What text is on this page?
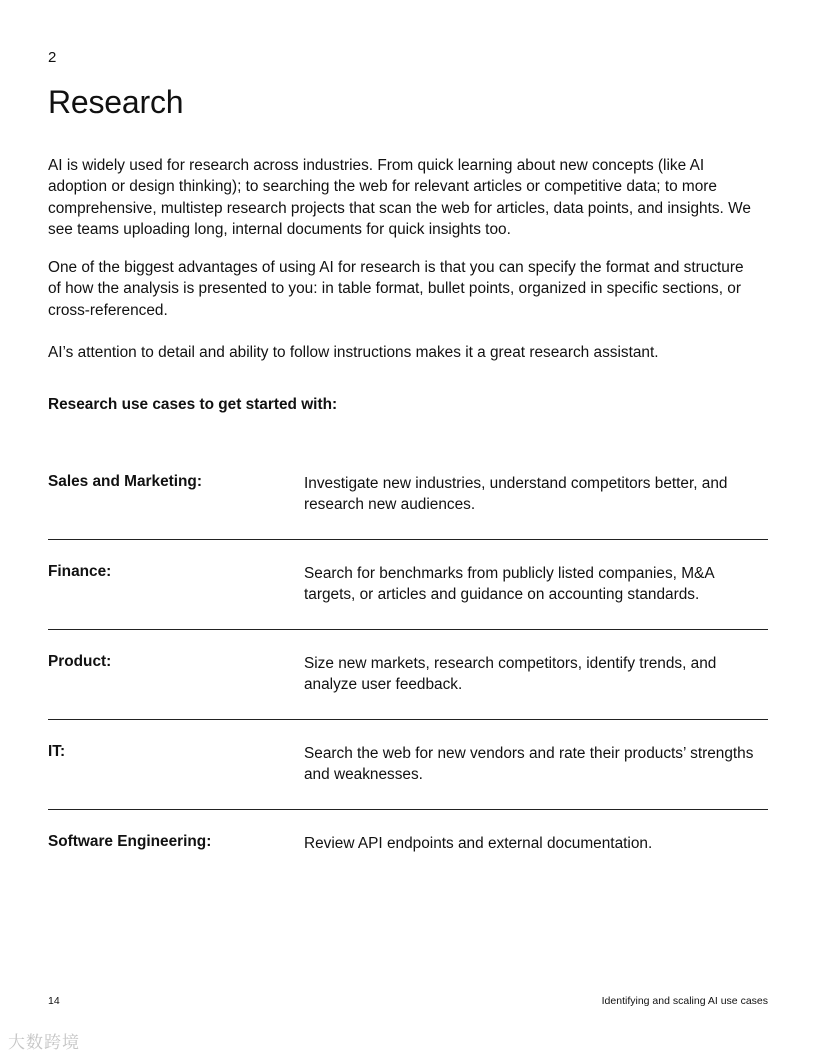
2
Research

AI is widely used for research across industries. From quick learning about new concepts (like AI adoption or design thinking); to searching the web for relevant articles or competitive data; to more comprehensive, multistep research projects that scan the web for articles, data points, and insights. We see teams uploading long, internal documents for quick insights too.

One of the biggest advantages of using AI for research is that you can specify the format and structure of how the analysis is presented to you: in table format, bullet points, organized in specific sections, or cross-referenced.

AI’s attention to detail and ability to follow instructions makes it a great research assistant.

Research use cases to get started with:
Sales and Marketing:	Investigate new industries, understand competitors better, and research new audiences.
Finance:	Search for benchmarks from publicly listed companies, M&A targets, or articles and guidance on accounting standards.
Product:	Size new markets, research competitors, identify trends, and analyze user feedback.
IT:	Search the web for new vendors and rate their products’ strengths and weaknesses.
Software Engineering:	Review API endpoints and external documentation.
14	Identifying and scaling AI use cases
大数跨境
